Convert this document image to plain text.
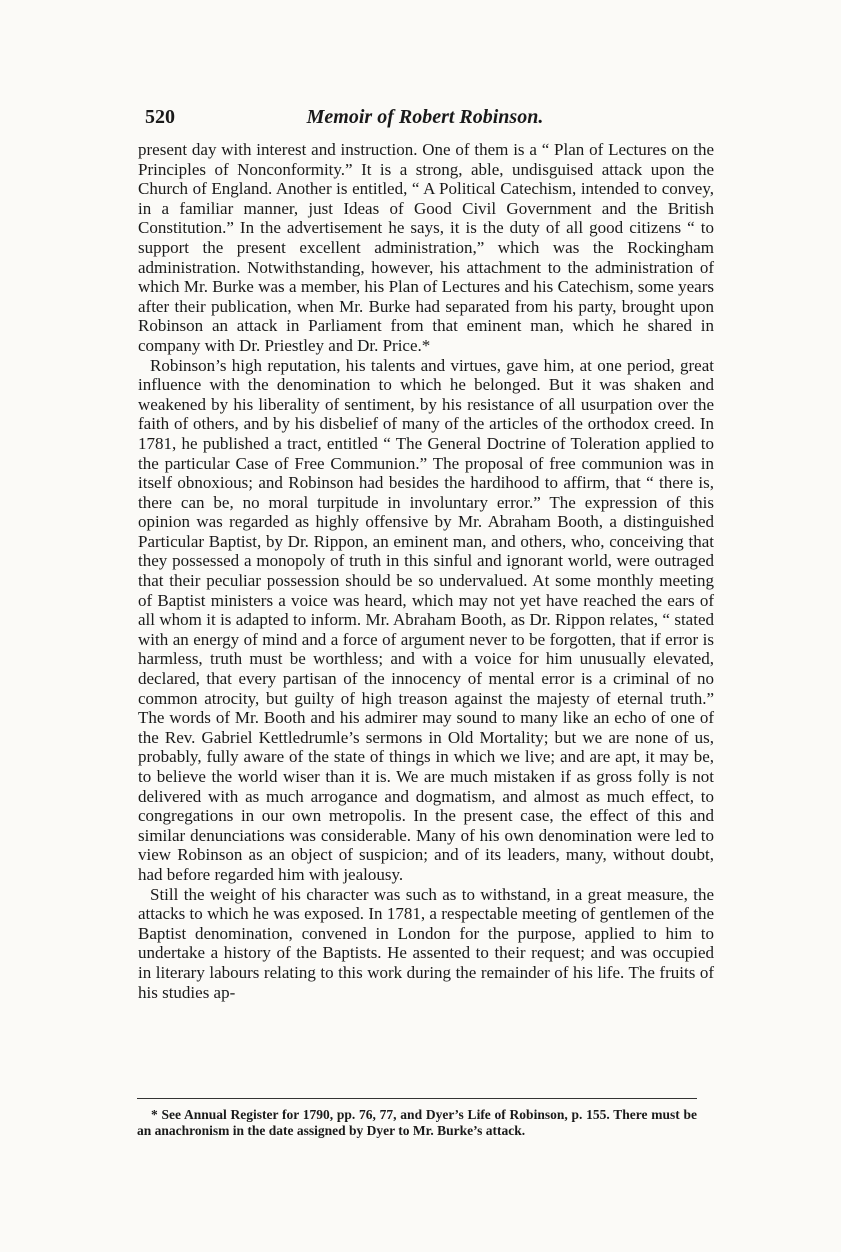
520	Memoir of Robert Robinson.

present day with interest and instruction. One of them is a “ Plan of Lectures on the Principles of Nonconformity.” It is a strong, able, undisguised attack upon the Church of England. Another is entitled, “ A Political Catechism, intended to convey, in a familiar manner, just Ideas of Good Civil Government and the British Constitution.” In the advertisement he says, it is the duty of all good citizens “ to support the present excellent administration,” which was the Rockingham administration. Notwithstanding, however, his attachment to the administration of which Mr. Burke was a member, his Plan of Lectures and his Catechism, some years after their publication, when Mr. Burke had separated from his party, brought upon Robinson an attack in Parliament from that eminent man, which he shared in company with Dr. Priestley and Dr. Price.*

Robinson’s high reputation, his talents and virtues, gave him, at one period, great influence with the denomination to which he belonged. But it was shaken and weakened by his liberality of sentiment, by his resistance of all usurpation over the faith of others, and by his disbelief of many of the articles of the orthodox creed. In 1781, he published a tract, entitled “ The General Doctrine of Toleration applied to the particular Case of Free Communion.” The proposal of free communion was in itself obnoxious; and Robinson had besides the hardihood to affirm, that “ there is, there can be, no moral turpitude in involuntary error.” The expression of this opinion was regarded as highly offensive by Mr. Abraham Booth, a distinguished Particular Baptist, by Dr. Rippon, an eminent man, and others, who, conceiving that they possessed a monopoly of truth in this sinful and ignorant world, were outraged that their peculiar possession should be so undervalued. At some monthly meeting of Baptist ministers a voice was heard, which may not yet have reached the ears of all whom it is adapted to inform. Mr. Abraham Booth, as Dr. Rippon relates, “ stated with an energy of mind and a force of argument never to be forgotten, that if error is harmless, truth must be worthless; and with a voice for him unusually elevated, declared, that every partisan of the innocency of mental error is a criminal of no common atrocity, but guilty of high treason against the majesty of eternal truth.” The words of Mr. Booth and his admirer may sound to many like an echo of one of the Rev. Gabriel Kettledrumle’s sermons in Old Mortality; but we are none of us, probably, fully aware of the state of things in which we live; and are apt, it may be, to believe the world wiser than it is. We are much mistaken if as gross folly is not delivered with as much arrogance and dogmatism, and almost as much effect, to congregations in our own metropolis. In the present case, the effect of this and similar denunciations was considerable. Many of his own denomination were led to view Robinson as an object of suspicion; and of its leaders, many, without doubt, had before regarded him with jealousy.

Still the weight of his character was such as to withstand, in a great measure, the attacks to which he was exposed. In 1781, a respectable meeting of gentlemen of the Baptist denomination, convened in London for the purpose, applied to him to undertake a history of the Baptists. He assented to their request; and was occupied in literary labours relating to this work during the remainder of his life. The fruits of his studies ap-

* See Annual Register for 1790, pp. 76, 77, and Dyer’s Life of Robinson, p. 155. There must be an anachronism in the date assigned by Dyer to Mr. Burke’s attack.
